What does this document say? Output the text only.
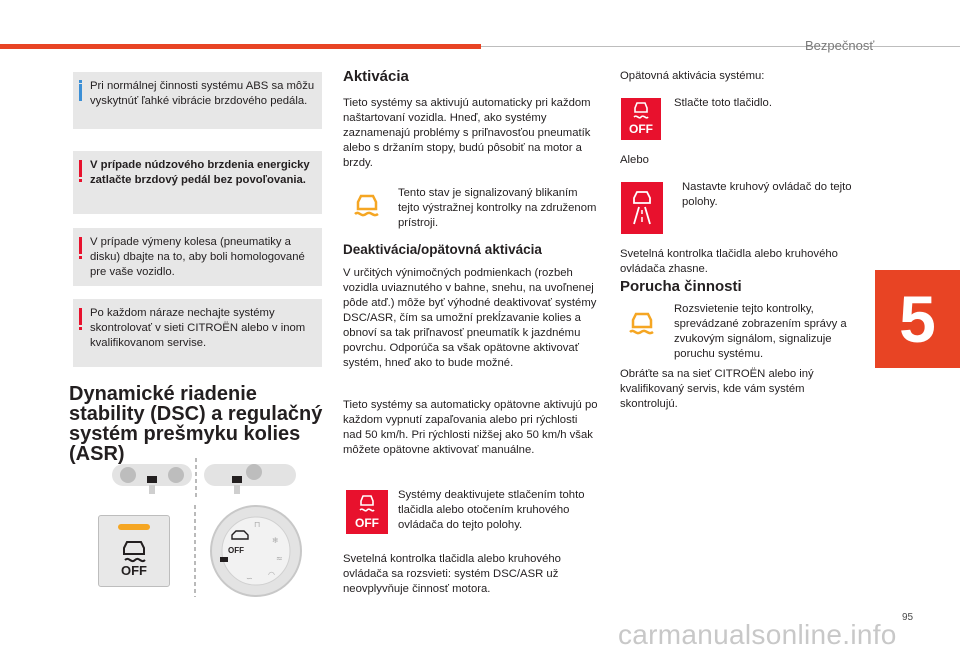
Bezpečnosť
5
95
carmanualsonline.info
Pri normálnej činnosti systému ABS sa môžu vyskytnúť ľahké vibrácie brzdového pedála.
V prípade núdzového brzdenia energicky zatlačte brzdový pedál bez povoľovania.
V prípade výmeny kolesa (pneumatiky a disku) dbajte na to, aby boli homologované pre vaše vozidlo.
Po každom náraze nechajte systémy skontrolovať v sieti CITROËN alebo v inom kvalifikovanom servise.
Dynamické riadenie stability (DSC) a regulačný systém prešmyku kolies (ASR)
OFF
OFF
⊓
❄
≈
∽ ◠
Aktivácia
Tieto systémy sa aktivujú automaticky pri každom naštartovaní vozidla. Hneď, ako systémy zaznamenajú problémy s priľnavosťou pneumatík alebo s držaním stopy, budú pôsobiť na motor a brzdy.
Tento stav je signalizovaný blikaním tejto výstražnej kontrolky na združenom prístroji.
Deaktivácia/opätovná aktivácia
V určitých výnimočných podmienkach (rozbeh vozidla uviaznutého v bahne, snehu, na uvoľnenej pôde atď.) môže byť výhodné deaktivovať systémy DSC/ASR, čím sa umožní prekĺzavanie kolies a obnoví sa tak priľnavosť pneumatík k jazdnému povrchu. Odporúča sa však opätovne aktivovať systém, hneď ako to bude možné.
Tieto systémy sa automaticky opätovne aktivujú po každom vypnutí zapaľovania alebo pri rýchlosti nad 50 km/h. Pri rýchlosti nižšej ako 50 km/h však môžete opätovne aktivovať manuálne.
OFF
Systémy deaktivujete stlačením tohto tlačidla alebo otočením kruhového ovládača do tejto polohy.
Svetelná kontrolka tlačidla alebo kruhového ovládača sa rozsvieti: systém DSC/ASR už neovplyvňuje činnosť motora.
Opätovná aktivácia systému:
OFF
Stlačte toto tlačidlo.
Alebo
Nastavte kruhový ovládač do tejto polohy.
Svetelná kontrolka tlačidla alebo kruhového ovládača zhasne.
Porucha činnosti
Rozsvietenie tejto kontrolky, sprevádzané zobrazením správy a zvukovým signálom, signalizuje poruchu systému.
Obráťte sa na sieť CITROËN alebo iný kvalifikovaný servis, kde vám systém skontrolujú.
